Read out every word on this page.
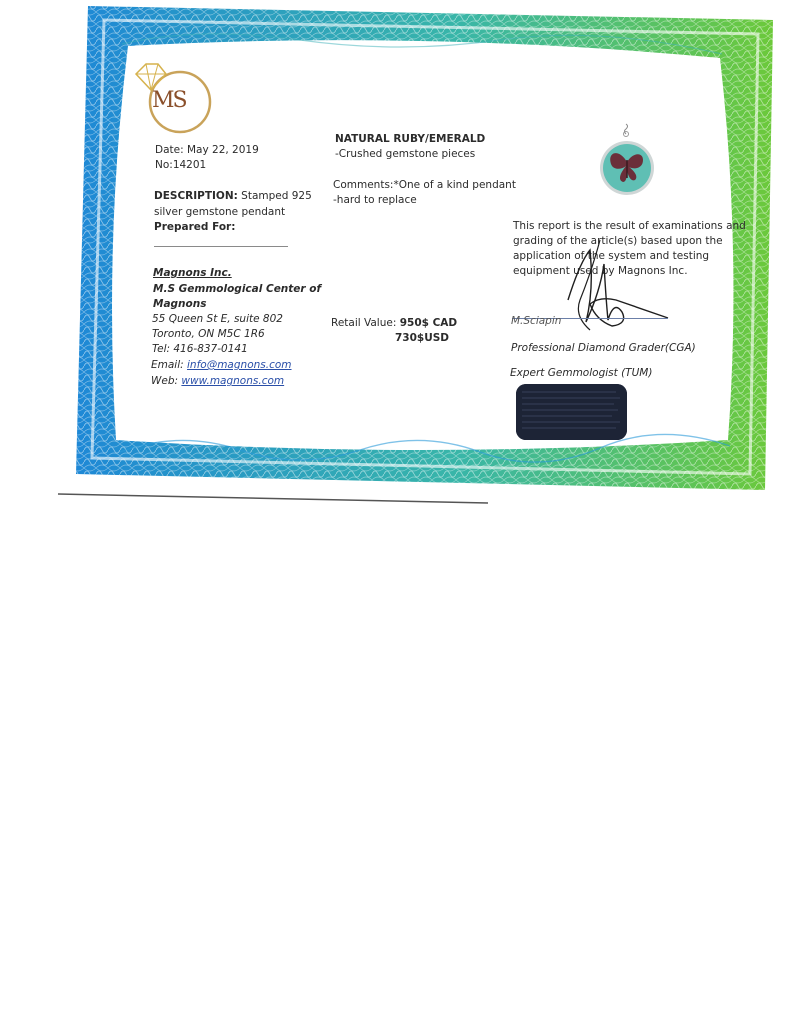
MS
Date: May 22, 2019
No:14201
DESCRIPTION: Stamped 925
silver gemstone pendant
Prepared For:
Magnons Inc.
M.S Gemmological Center of
Magnons
55 Queen St E, suite 802
Toronto, ON M5C 1R6
Tel: 416-837-0141
Email: info@magnons.com
Web: www.magnons.com
NATURAL RUBY/EMERALD
-Crushed gemstone pieces
Comments:*One of a kind pendant
-hard to replace
Retail Value: 950$ CAD
730$USD
This report is the result of examinations and
grading of the article(s) based upon the
application of the system and testing
equipment used by Magnons Inc.
M.Sciapin
Professional Diamond Grader(CGA)
Expert Gemmologist (TUM)
